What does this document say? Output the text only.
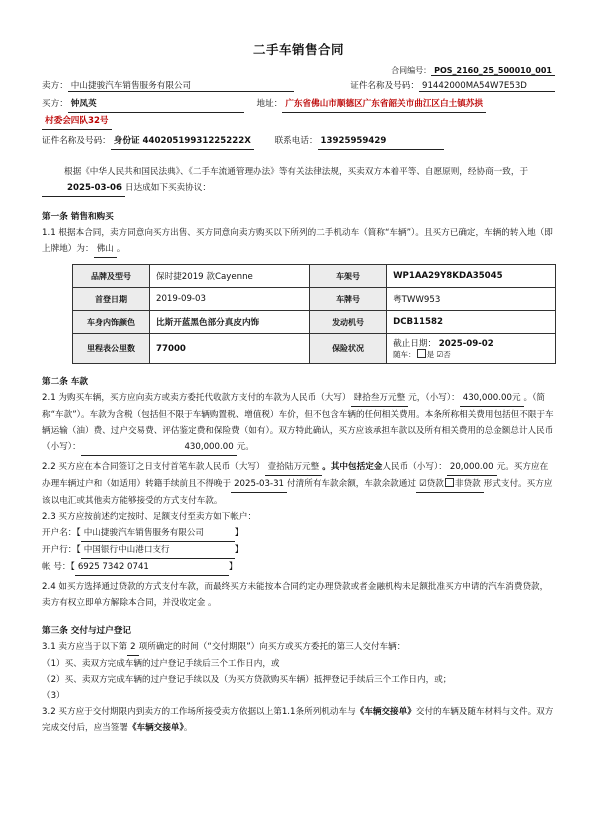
二手车销售合同
合同编号： POS_2160_25_500010_001
卖方： 中山捷骏汽车销售服务有限公司	证件名称及号码： 91442000MA54W7E53D
买方： 钟凤英	地址： 广东省佛山市顺德区广东省韶关市曲江区白土镇苏拱
村委会四队32号
证件名称及号码： 身份证 44020519931225222X	联系电话： 13925959429

根据《中华人民共和国民法典》、《二手车流通管理办法》等有关法律法规，买卖双方本着平等、自愿原则，经协商一致，于2025-03-06 日达成如下买卖协议：

第一条 销售和购买

1.1 根据本合同，卖方同意向买方出售、买方同意向卖方购买以下所列的二手机动车（简称“车辆”）。且买方已确定，车辆的转入地（即上牌地）为： 佛山 。

品牌及型号	保时捷2019 款Cayenne	车架号	WP1AA29Y8KDA35045
首登日期	2019-09-03	车牌号	粤TWW953
车身内饰颜色	比斯开蓝黑色部分真皮内饰	发动机号	DCB11582
里程表公里数	77000	保险状况	截止日期： 2025-09-02
随车： 是 ☑否
第二条 车款

2.1 为购买车辆，买方应向卖方或卖方委托代收款方支付的车款为人民币（大写） 肆拾叁万元整 元，（小写）： 430,000.00元 。（简称“车款”）。车款为含税（包括但不限于车辆购置税、增值税）车价，但不包含车辆的任何相关费用。本条所称相关费用包括但不限于车辆运输（油）费、过户交易费、评估鉴定费和保险费（如有）。双方特此确认，买方应该承担车款以及所有相关费用的总金额总计人民币（小写）：	430,000.00 元。

2.2 买方应在本合同签订之日支付首笔车款人民币（大写） 壹拾陆万元整 。其中包括定金人民币（小写）： 20,000.00 元。买方应在办理车辆过户和（如适用）转籍手续前且不得晚于 2025-03-31 付清所有车款余额，车款余款通过 ☑贷款 非贷款 形式支付。买方应该以电汇或其他卖方能够接受的方式支付车款。

2.3 买方应按前述约定按时、足额支付至卖方如下帐户：
开户名：【 中山捷骏汽车销售服务有限公司	】
开户行：【 中国银行中山港口支行	】
帐 号：【 6925 7342 0741	】

2.4 如买方选择通过贷款的方式支付车款，而最终买方未能按本合同约定办理贷款或者金融机构未足额批准买方申请的汽车消费贷款，卖方有权立即单方解除本合同，并没收定金 。

第三条 交付与过户登记
3.1 卖方应当于以下第 2 项所确定的时间（“交付期限”）向买方或买方委托的第三人交付车辆：
（1）买、卖双方完成车辆的过户登记手续后三个工作日内，或
（2）买、卖双方完成车辆的过户登记手续以及（为买方贷款购买车辆）抵押登记手续后三个工作日内，或；
（3）

3.2 买方应于交付期限内到卖方的工作场所接受卖方依据以上第1.1条所列机动车与《车辆交接单》交付的车辆及随车材料与文件。双方完成交付后，应当签署《车辆交接单》。
